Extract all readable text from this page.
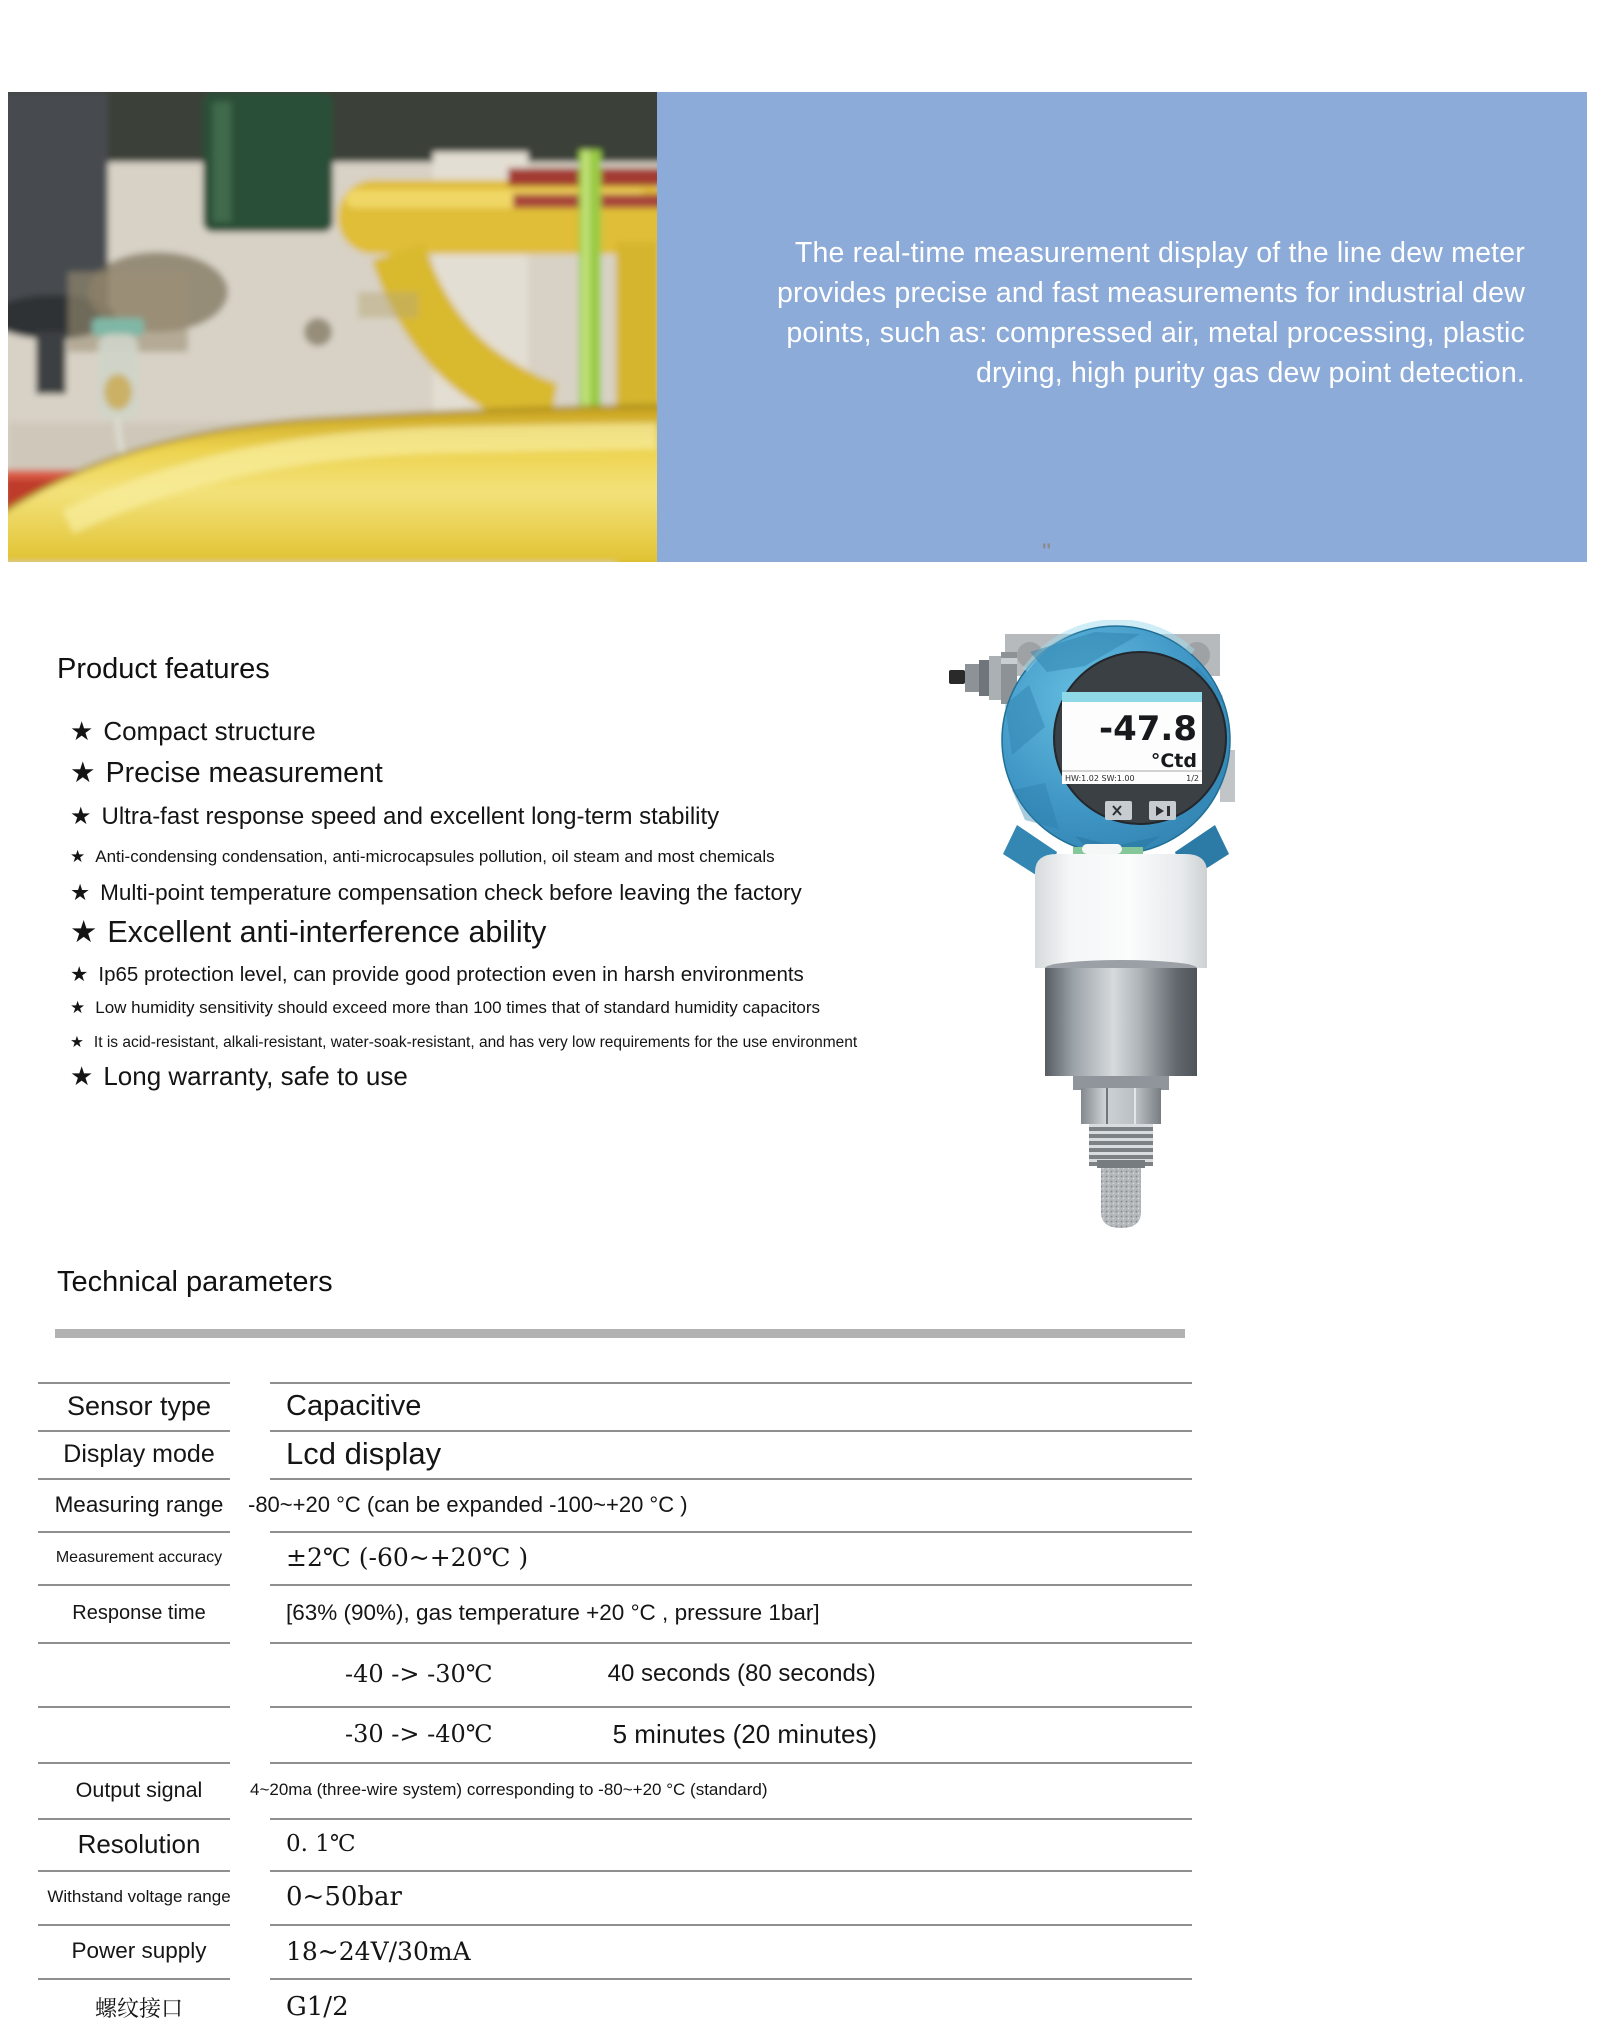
The real-time measurement display of the line dew meter
provides precise and fast measurements for industrial dew
points, such as: compressed air, metal processing, plastic
drying, high purity gas dew point detection.
''
Product features
★ Compact structure
★ Precise measurement
★ Ultra-fast response speed and excellent long-term stability
★ Anti-condensing condensation, anti-microcapsules pollution, oil steam and most chemicals
★ Multi-point temperature compensation check before leaving the factory
★ Excellent anti-interference ability
★ Ip65 protection level, can provide good protection even in harsh environments
★ Low humidity sensitivity should exceed more than 100 times that of standard humidity capacitors
★ It is acid-resistant, alkali-resistant, water-soak-resistant, and has very low requirements for the use environment
★ Long warranty, safe to use
-47.8
°Ctd
HW:1.02 SW:1.00	1/2
Technical parameters
Sensor type	Capacitive
Display mode	Lcd display
Measuring range	-80~+20 °C (can be expanded -100~+20 °C )
Measurement accuracy	±2℃ (-60~+20℃ )
Response time	[63% (90%), gas temperature +20 °C , pressure 1bar]
-40 -> -30℃	40 seconds (80 seconds)
-30 -> -40℃	5 minutes (20 minutes)
Output signal	4~20ma (three-wire system) corresponding to -80~+20 °C (standard)
Resolution	0. 1℃
Withstand voltage range	0~50bar
Power supply	18~24V/30mA
螺纹接口	G1/2
